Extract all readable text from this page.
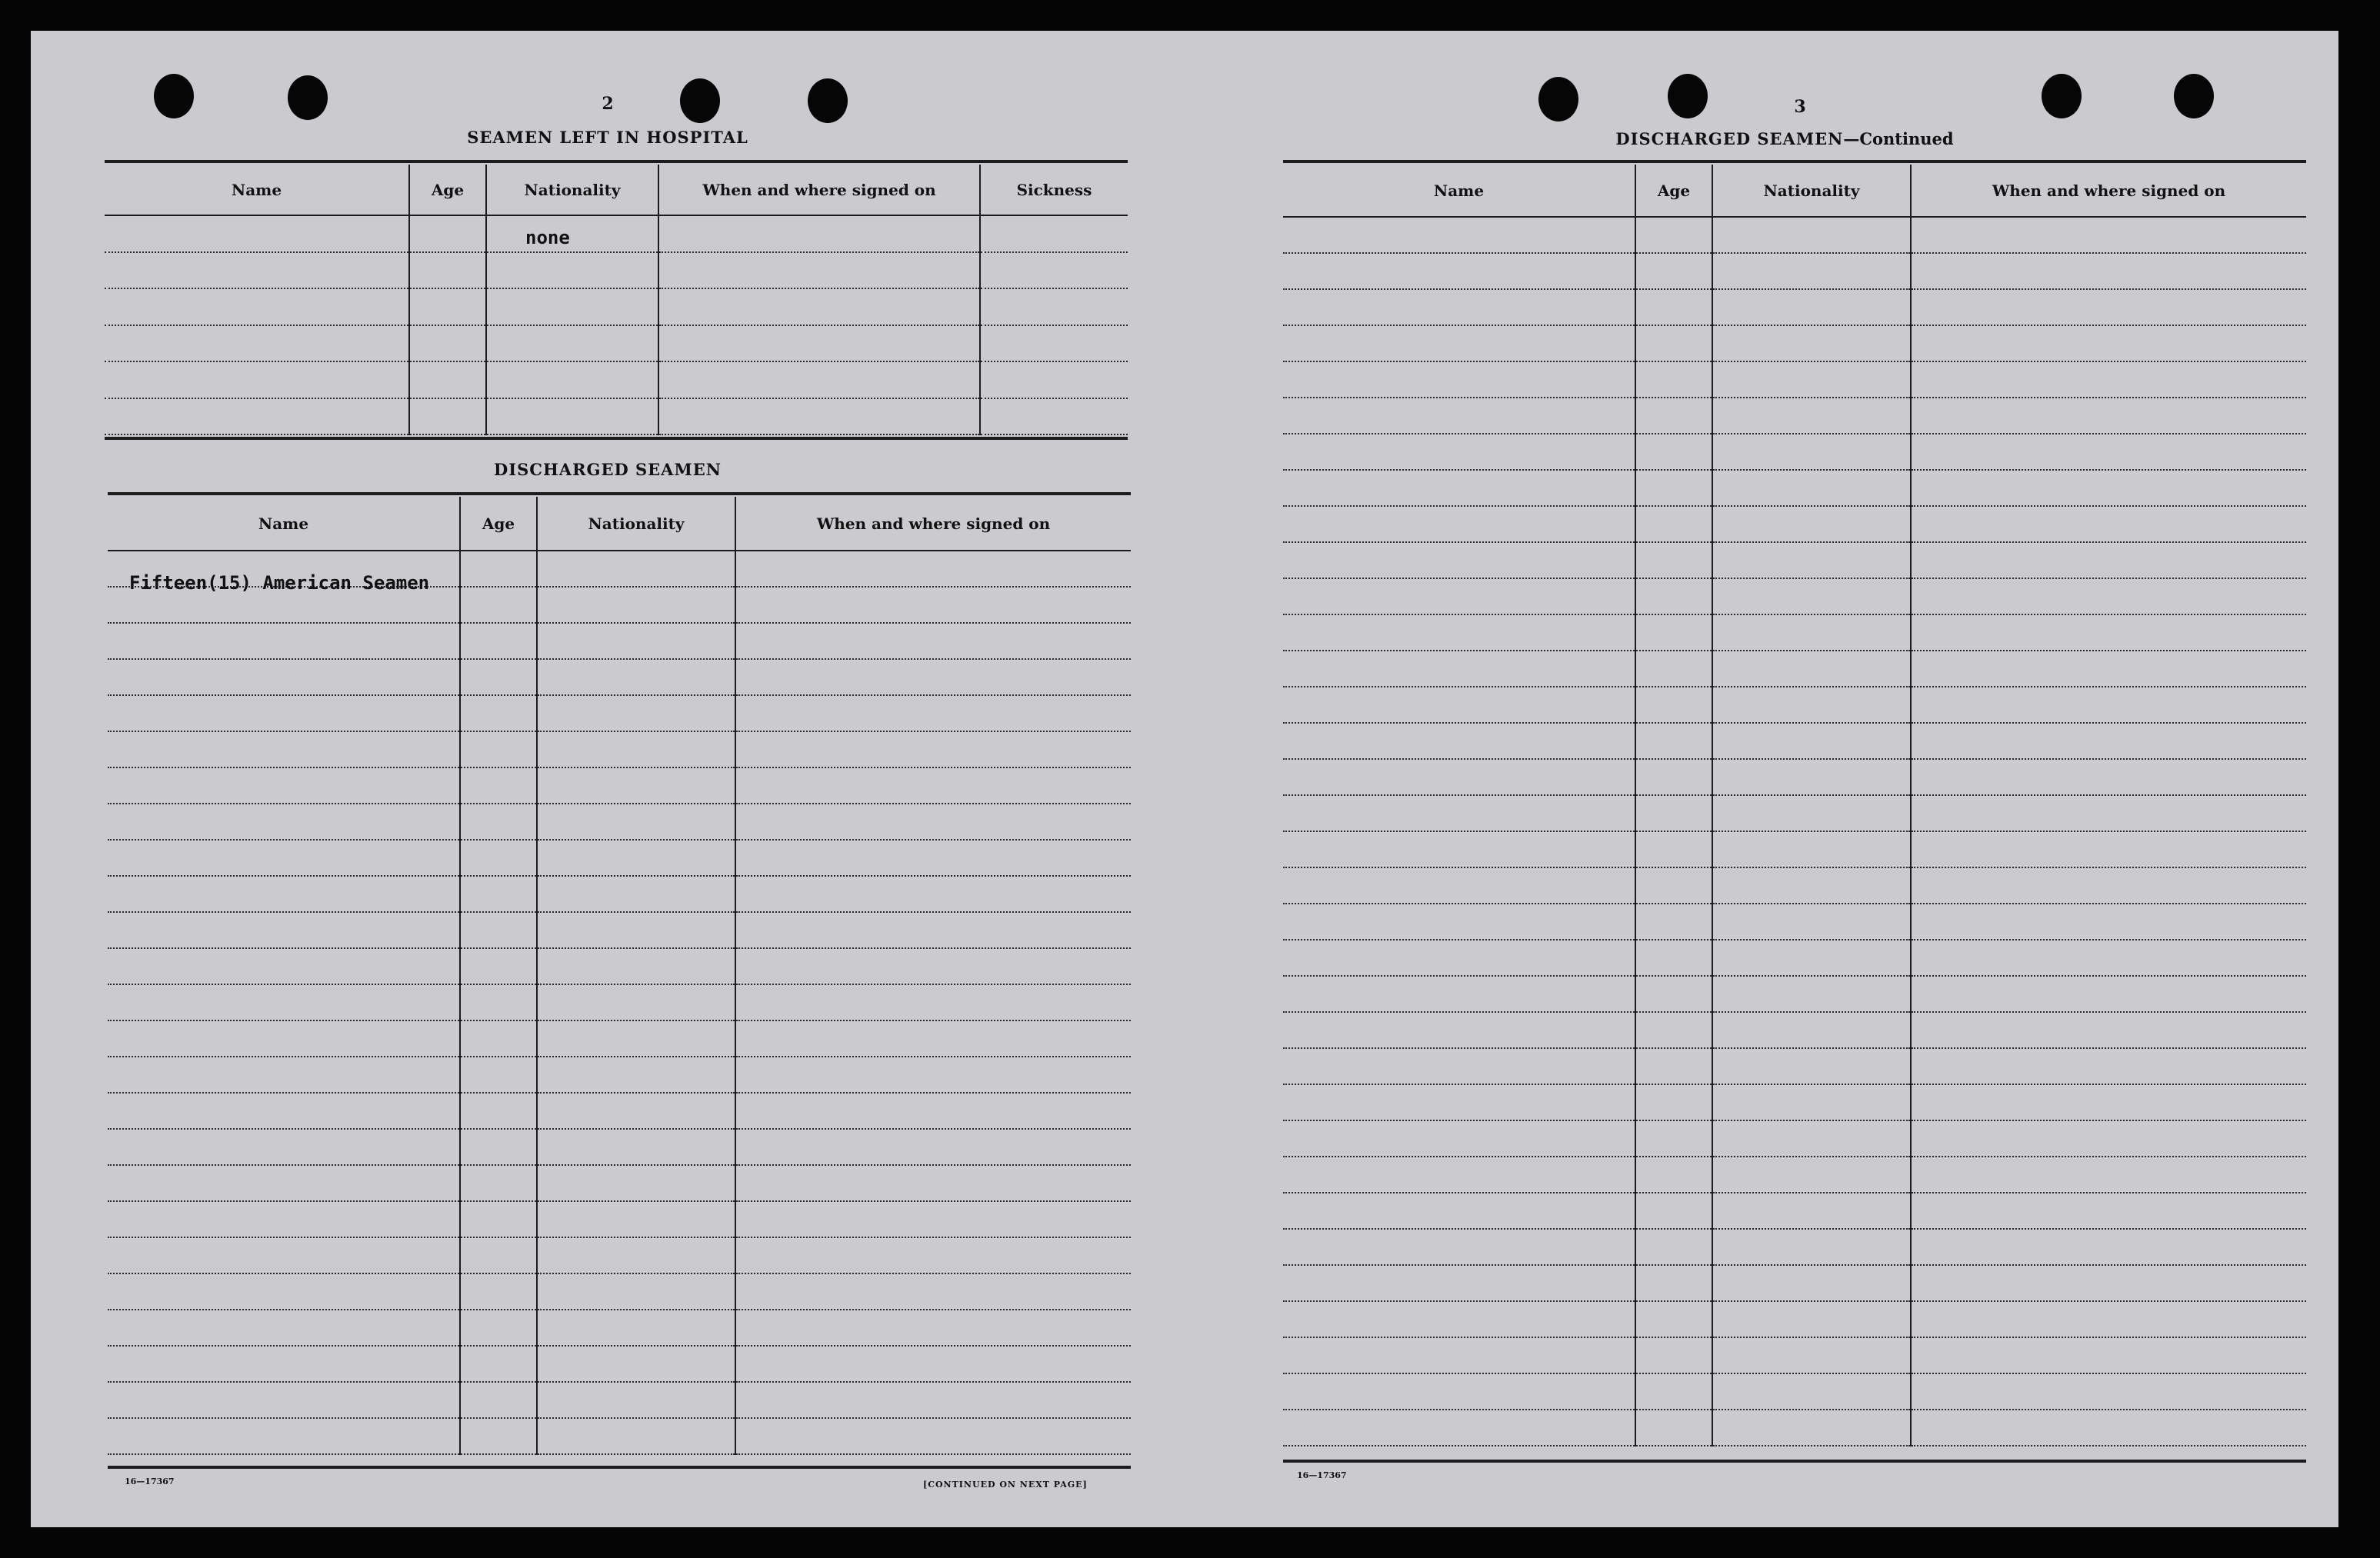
2
SEAMEN LEFT IN HOSPITAL
Name	Age	Nationality	When and where signed on	Sickness
		none		

DISCHARGED SEAMEN
Name	Age	Nationality	When and where signed on
Fifteen(15) American Seamen			

16—17367	[CONTINUED ON NEXT PAGE]
3
DISCHARGED SEAMEN—Continued
Name	Age	Nationality	When and where signed on

16—17367
